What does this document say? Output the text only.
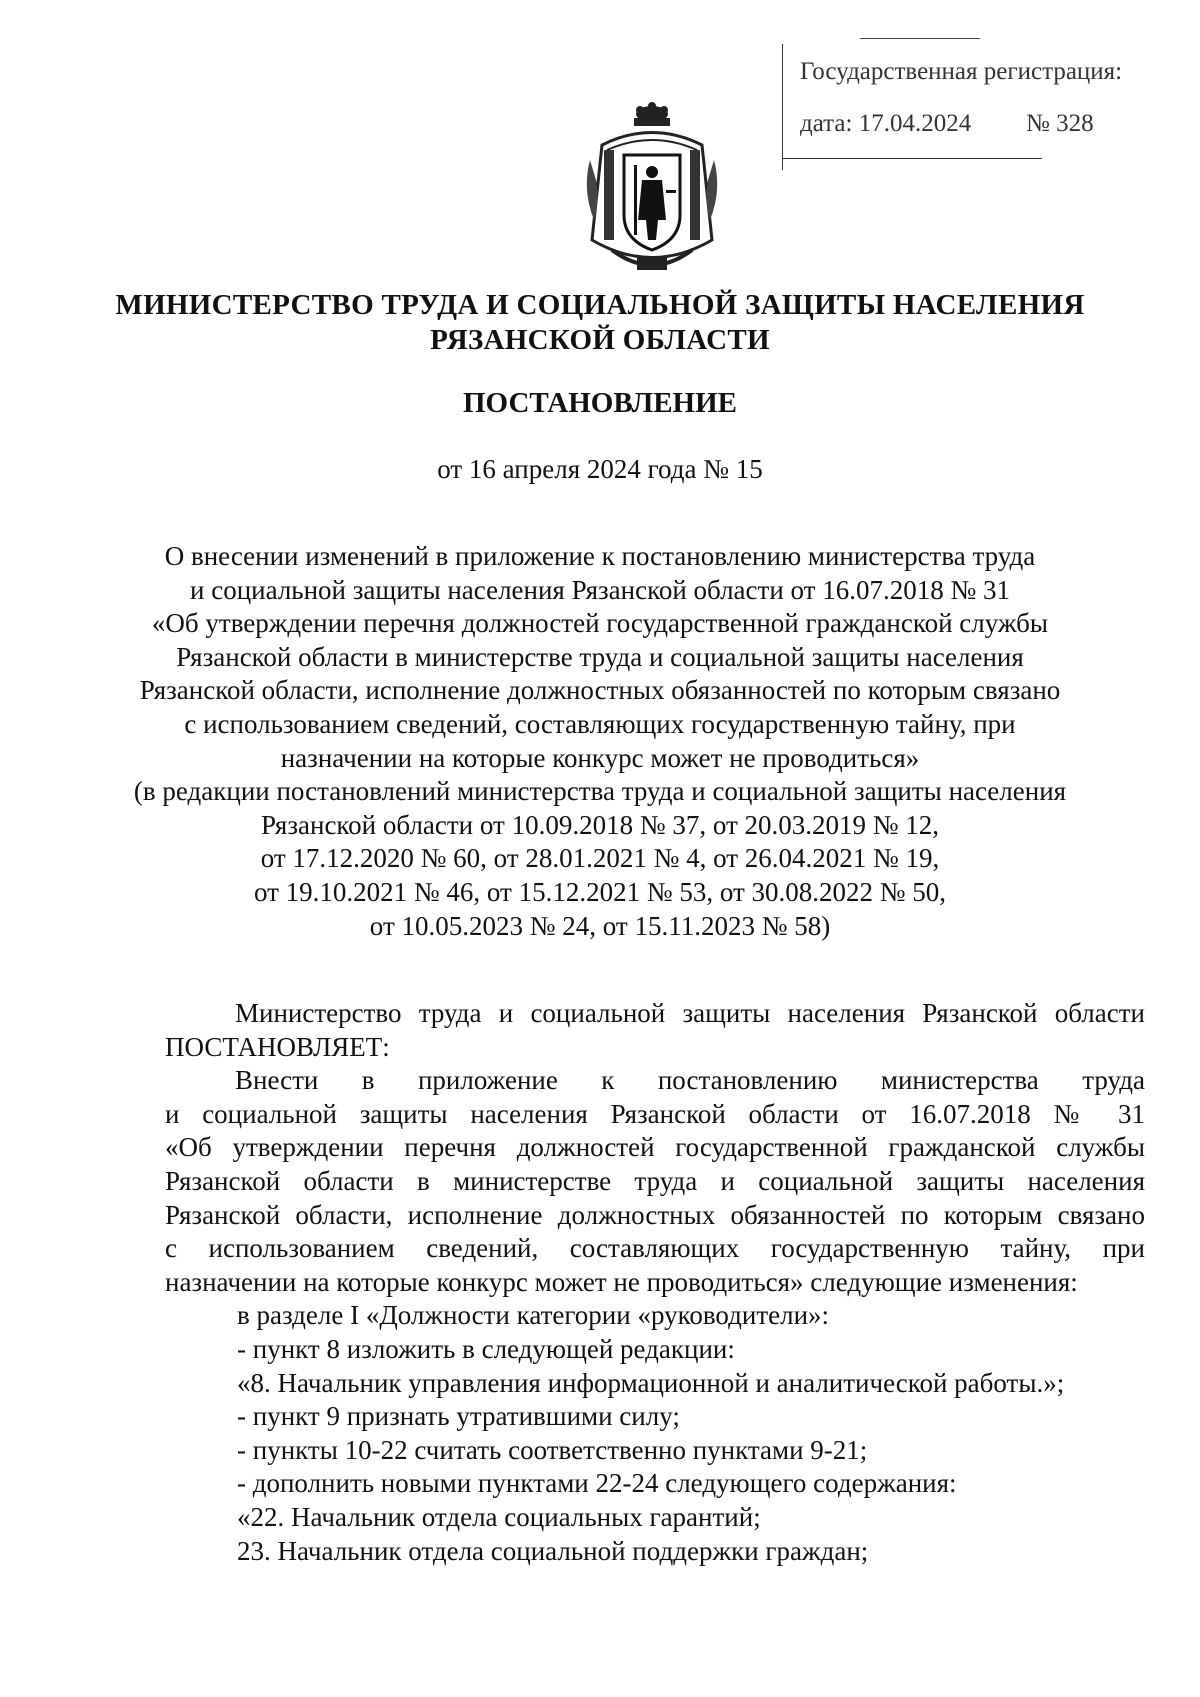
Государственная регистрация:
дата: 17.04.2024 № 328
МИНИСТЕРСТВО ТРУДА И СОЦИАЛЬНОЙ ЗАЩИТЫ НАСЕЛЕНИЯ
РЯЗАНСКОЙ ОБЛАСТИ
ПОСТАНОВЛЕНИЕ
от 16 апреля 2024 года № 15
О внесении изменений в приложение к постановлению министерства труда
и социальной защиты населения Рязанской области от 16.07.2018 № 31
«Об утверждении перечня должностей государственной гражданской службы
Рязанской области в министерстве труда и социальной защиты населения
Рязанской области, исполнение должностных обязанностей по которым связано
с использованием сведений, составляющих государственную тайну, при
назначении на которые конкурс может не проводиться»
(в редакции постановлений министерства труда и социальной защиты населения
Рязанской области от 10.09.2018 № 37, от 20.03.2019 № 12,
от 17.12.2020 № 60, от 28.01.2021 № 4, от 26.04.2021 № 19,
от 19.10.2021 № 46, от 15.12.2021 № 53, от 30.08.2022 № 50,
от 10.05.2023 № 24, от 15.11.2023 № 58)
Министерство труда и социальной защиты населения Рязанской области
ПОСТАНОВЛЯЕТ:
Внести в приложение к постановлению министерства труда
и социальной защиты населения Рязанской области от 16.07.2018 № 31
«Об утверждении перечня должностей государственной гражданской службы
Рязанской области в министерстве труда и социальной защиты населения
Рязанской области, исполнение должностных обязанностей по которым связано
с использованием сведений, составляющих государственную тайну, при
назначении на которые конкурс может не проводиться» следующие изменения:
в разделе I «Должности категории «руководители»:
- пункт 8 изложить в следующей редакции:
«8. Начальник управления информационной и аналитической работы.»;
- пункт 9 признать утратившими силу;
- пункты 10-22 считать соответственно пунктами 9-21;
- дополнить новыми пунктами 22-24 следующего содержания:
«22. Начальник отдела социальных гарантий;
23. Начальник отдела социальной поддержки граждан;
